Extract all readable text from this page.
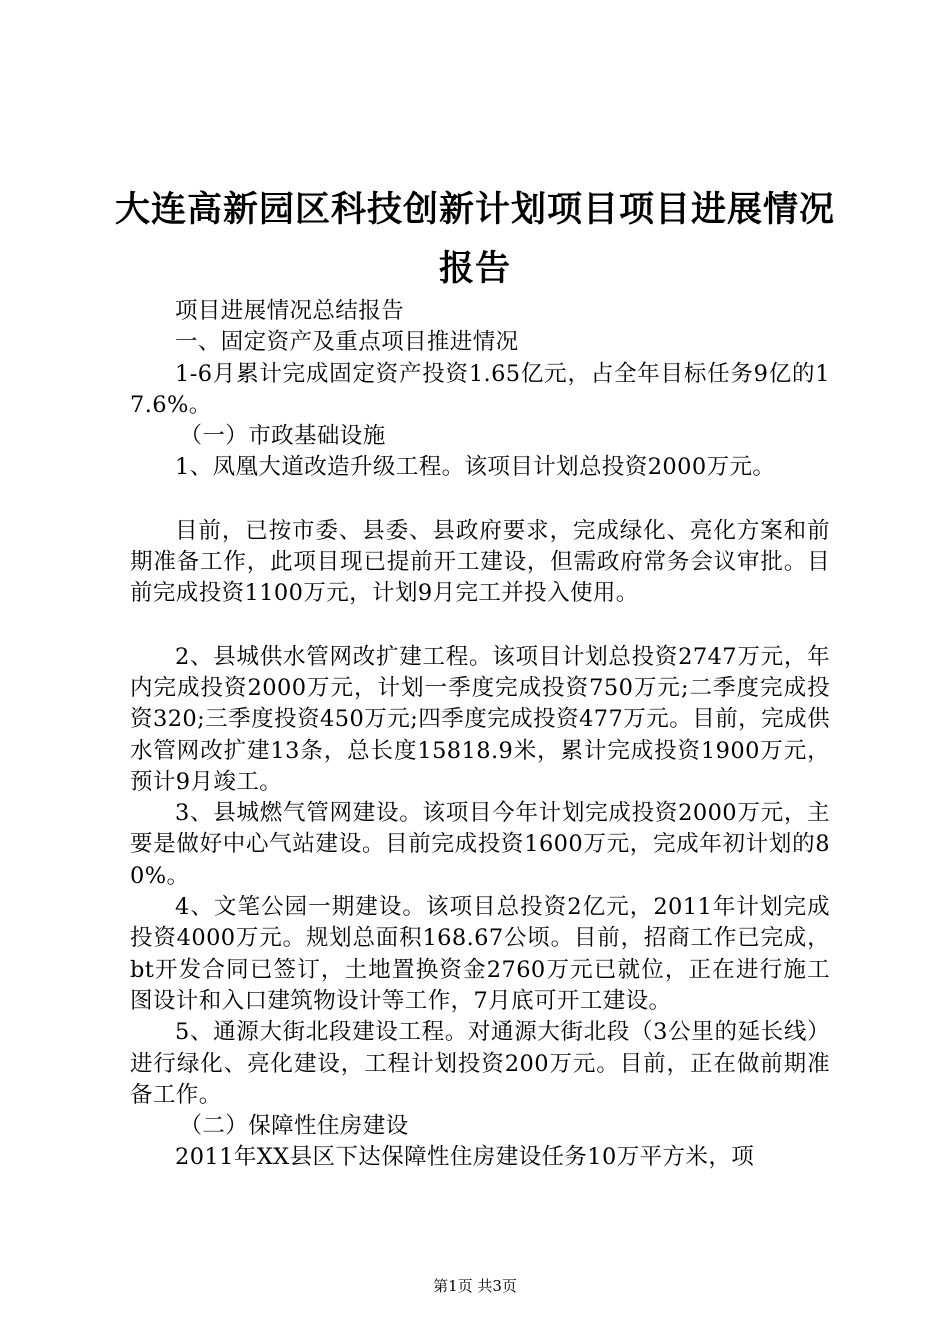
大连高新园区科技创新计划项目项目进展情况
报告

项目进展情况总结报告

一、固定资产及重点项目推进情况

1-6月累计完成固定资产投资1.65亿元，占全年目标任务9亿的17.6%。

（一）市政基础设施

1、凤凰大道改造升级工程。该项目计划总投资2000万元。

目前，已按市委、县委、县政府要求，完成绿化、亮化方案和前期准备工作，此项目现已提前开工建设，但需政府常务会议审批。目前完成投资1100万元，计划9月完工并投入使用。

2、县城供水管网改扩建工程。该项目计划总投资2747万元，年内完成投资2000万元，计划一季度完成投资750万元;二季度完成投资320;三季度投资450万元;四季度完成投资477万元。目前，完成供水管网改扩建13条，总长度15818.9米，累计完成投资1900万元，预计9月竣工。

3、县城燃气管网建设。该项目今年计划完成投资2000万元，主要是做好中心气站建设。目前完成投资1600万元，完成年初计划的80%。

4、文笔公园一期建设。该项目总投资2亿元，2011年计划完成投资4000万元。规划总面积168.67公顷。目前，招商工作已完成，bt开发合同已签订，土地置换资金2760万元已就位，正在进行施工图设计和入口建筑物设计等工作，7月底可开工建设。

5、通源大街北段建设工程。对通源大街北段（3公里的延长线）进行绿化、亮化建设，工程计划投资200万元。目前，正在做前期准备工作。

（二）保障性住房建设

2011年XX县区下达保障性住房建设任务10万平方米，项

第1页 共3页
